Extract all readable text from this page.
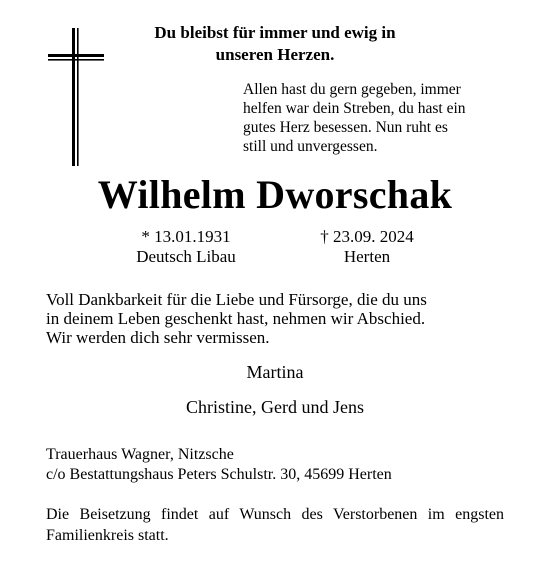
Du bleibst für immer und ewig in
unseren Herzen.
Allen hast du gern gegeben, immer
helfen war dein Streben, du hast ein
gutes Herz besessen. Nun ruht es
still und unvergessen.
Wilhelm Dworschak
* 13.01.1931
Deutsch Libau
† 23.09. 2024
Herten
Voll Dankbarkeit für die Liebe und Fürsorge, die du uns
in deinem Leben geschenkt hast, nehmen wir Abschied.
Wir werden dich sehr vermissen.
Martina
Christine, Gerd und Jens
Trauerhaus Wagner, Nitzsche
c/o Bestattungshaus Peters Schulstr. 30, 45699 Herten
Die Beisetzung findet auf Wunsch des Verstorbenen im engsten Familienkreis statt.
